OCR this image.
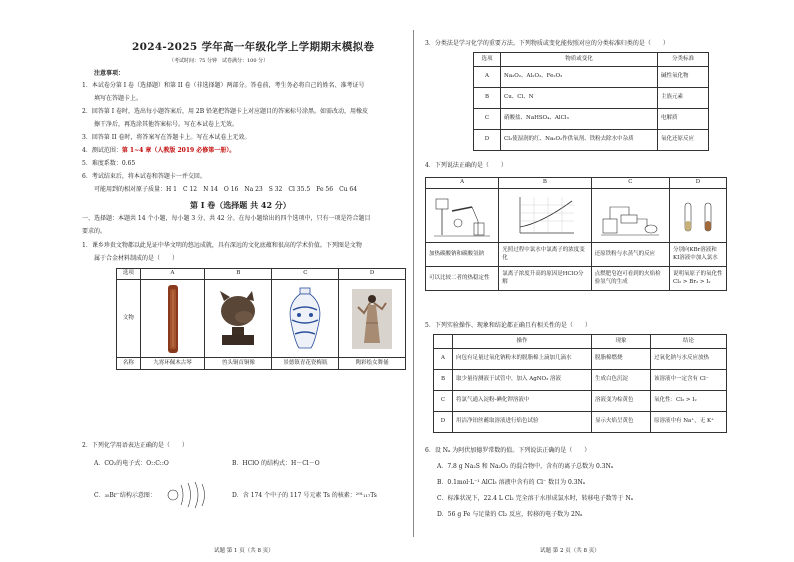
2024-2025 学年高一年级化学上学期期末模拟卷
（考试时间：75 分钟　试卷满分：100 分）
注意事项：
1．本试卷分第 I 卷（选择题）和第 II 卷（非选择题）两部分。答卷前，考生务必将自己的姓名、准考证号
填写在答题卡上。
2．回答第 I 卷时，选出每小题答案后，用 2B 铅笔把答题卡上对应题目的答案标号涂黑。如需改动，用橡皮
擦干净后，再选涂其他答案标号。写在本试卷上无效。
3．回答第 II 卷时，将答案写在答题卡上。写在本试卷上无效。
4．测试范围：第 1~4 章（人教版 2019 必修第一册）。
5．难度系数：0.65
6．考试结束后，将本试卷和答题卡一并交回。
可能用到的相对原子质量：H 1　C 12　N 14　O 16　Na 23　S 32　Cl 35.5　Fe 56　Cu 64
第 I 卷（选择题 共 42 分）
一、选择题：本题共 14 个小题，每小题 3 分，共 42 分。在每小题给出的四个选项中，只有一项是符合题目
要求的。
1．课乡珍贵文物都以此见证中华文明的悠远成就，具有深远的文化底蕴和很高的学术价值。下列图是文物
属于合金材料制成的是（　　）
选项	A	B	C	D
文物	

名称	九霄环佩木古琴	兽头铜首铜像	景德镇青花瓷梅瓶	陶彩绘女舞俑
2．下列化学用语表达正确的是（　　）
A．CO₂的电子式：O::C::O	B．HClO 的结构式：H－Cl－O
C．₃₅Br⁻结构示意图：	D．含 174 个中子的 117 号元素 Ts 的核素：²⁹¹₁₁₇Ts
3．分类法是学习化学的重要方法。下列物质或变化能按照对应的分类标准归类的是（　　）
选项	物质或变化	分类标准
A	Na₂O₂、Al₂O₃、Fe₂O₃	碱性氧化物
B	Cu、Cl、N	主族元素
C	硝酸盐、NaHSO₄、AlCl₃	电解质
D	Cl₂使湿润的红、Na₂O₂作供氧剂、铁粉去除水中杂质	氧化还原反应
4．下列说法正确的是（　　）
A	B	C	D

加热碳酸钠和碳酸氢钠	光照过程中氯水中氯离子的浓度变化	还原铁粉与水蒸气的反应	分别向KBr溶液和KI溶液中加入氯水
可以比较二者的热稳定性	氯离子浓度升高的原因是HClO分解	点燃肥皂泡可看到的火焰检验氢气的生成	说明氧原子的氧化性 Cl₂ > Br₂ > I₂
5．下列实验操作、现象和结论都正确且有相关性的是（　　）
	操作	现象	结论
A	向包有足量过氧化钠粉末的脱脂棉上滴加几滴水	脱脂棉燃烧	过氧化钠与水反应放热
B	取少量待测液于试管中，加入 AgNO₃ 溶液	生成白色沉淀	该溶液中一定含有 Cl⁻
C	将氯气通入淀粉-碘化钾溶液中	溶液变为棕黄色	氧化性：Cl₂ > I₂
D	用洁净铂丝蘸取溶液进行焰色试验	显示火焰呈黄色	原溶液中有 Na⁺，无 K⁺
6．设 Nₐ 为阿伏加德罗常数的值。下列说法正确的是（　　）
A．7.8 g Na₂S 和 Na₂O₂ 的混合物中，含有的离子总数为 0.3Nₐ
B．0.1mol·L⁻¹ AlCl₃ 溶液中含有的 Cl⁻ 数目为 0.3Nₐ
C．标准状况下，22.4 L Cl₂ 完全溶于水形成氯水时，转移电子数等于 Nₐ
D．56 g Fe 与足量的 Cl₂ 反应，转移的电子数为 2Nₐ
试题 第 1 页（共 8 页）	试题 第 2 页（共 8 页）
